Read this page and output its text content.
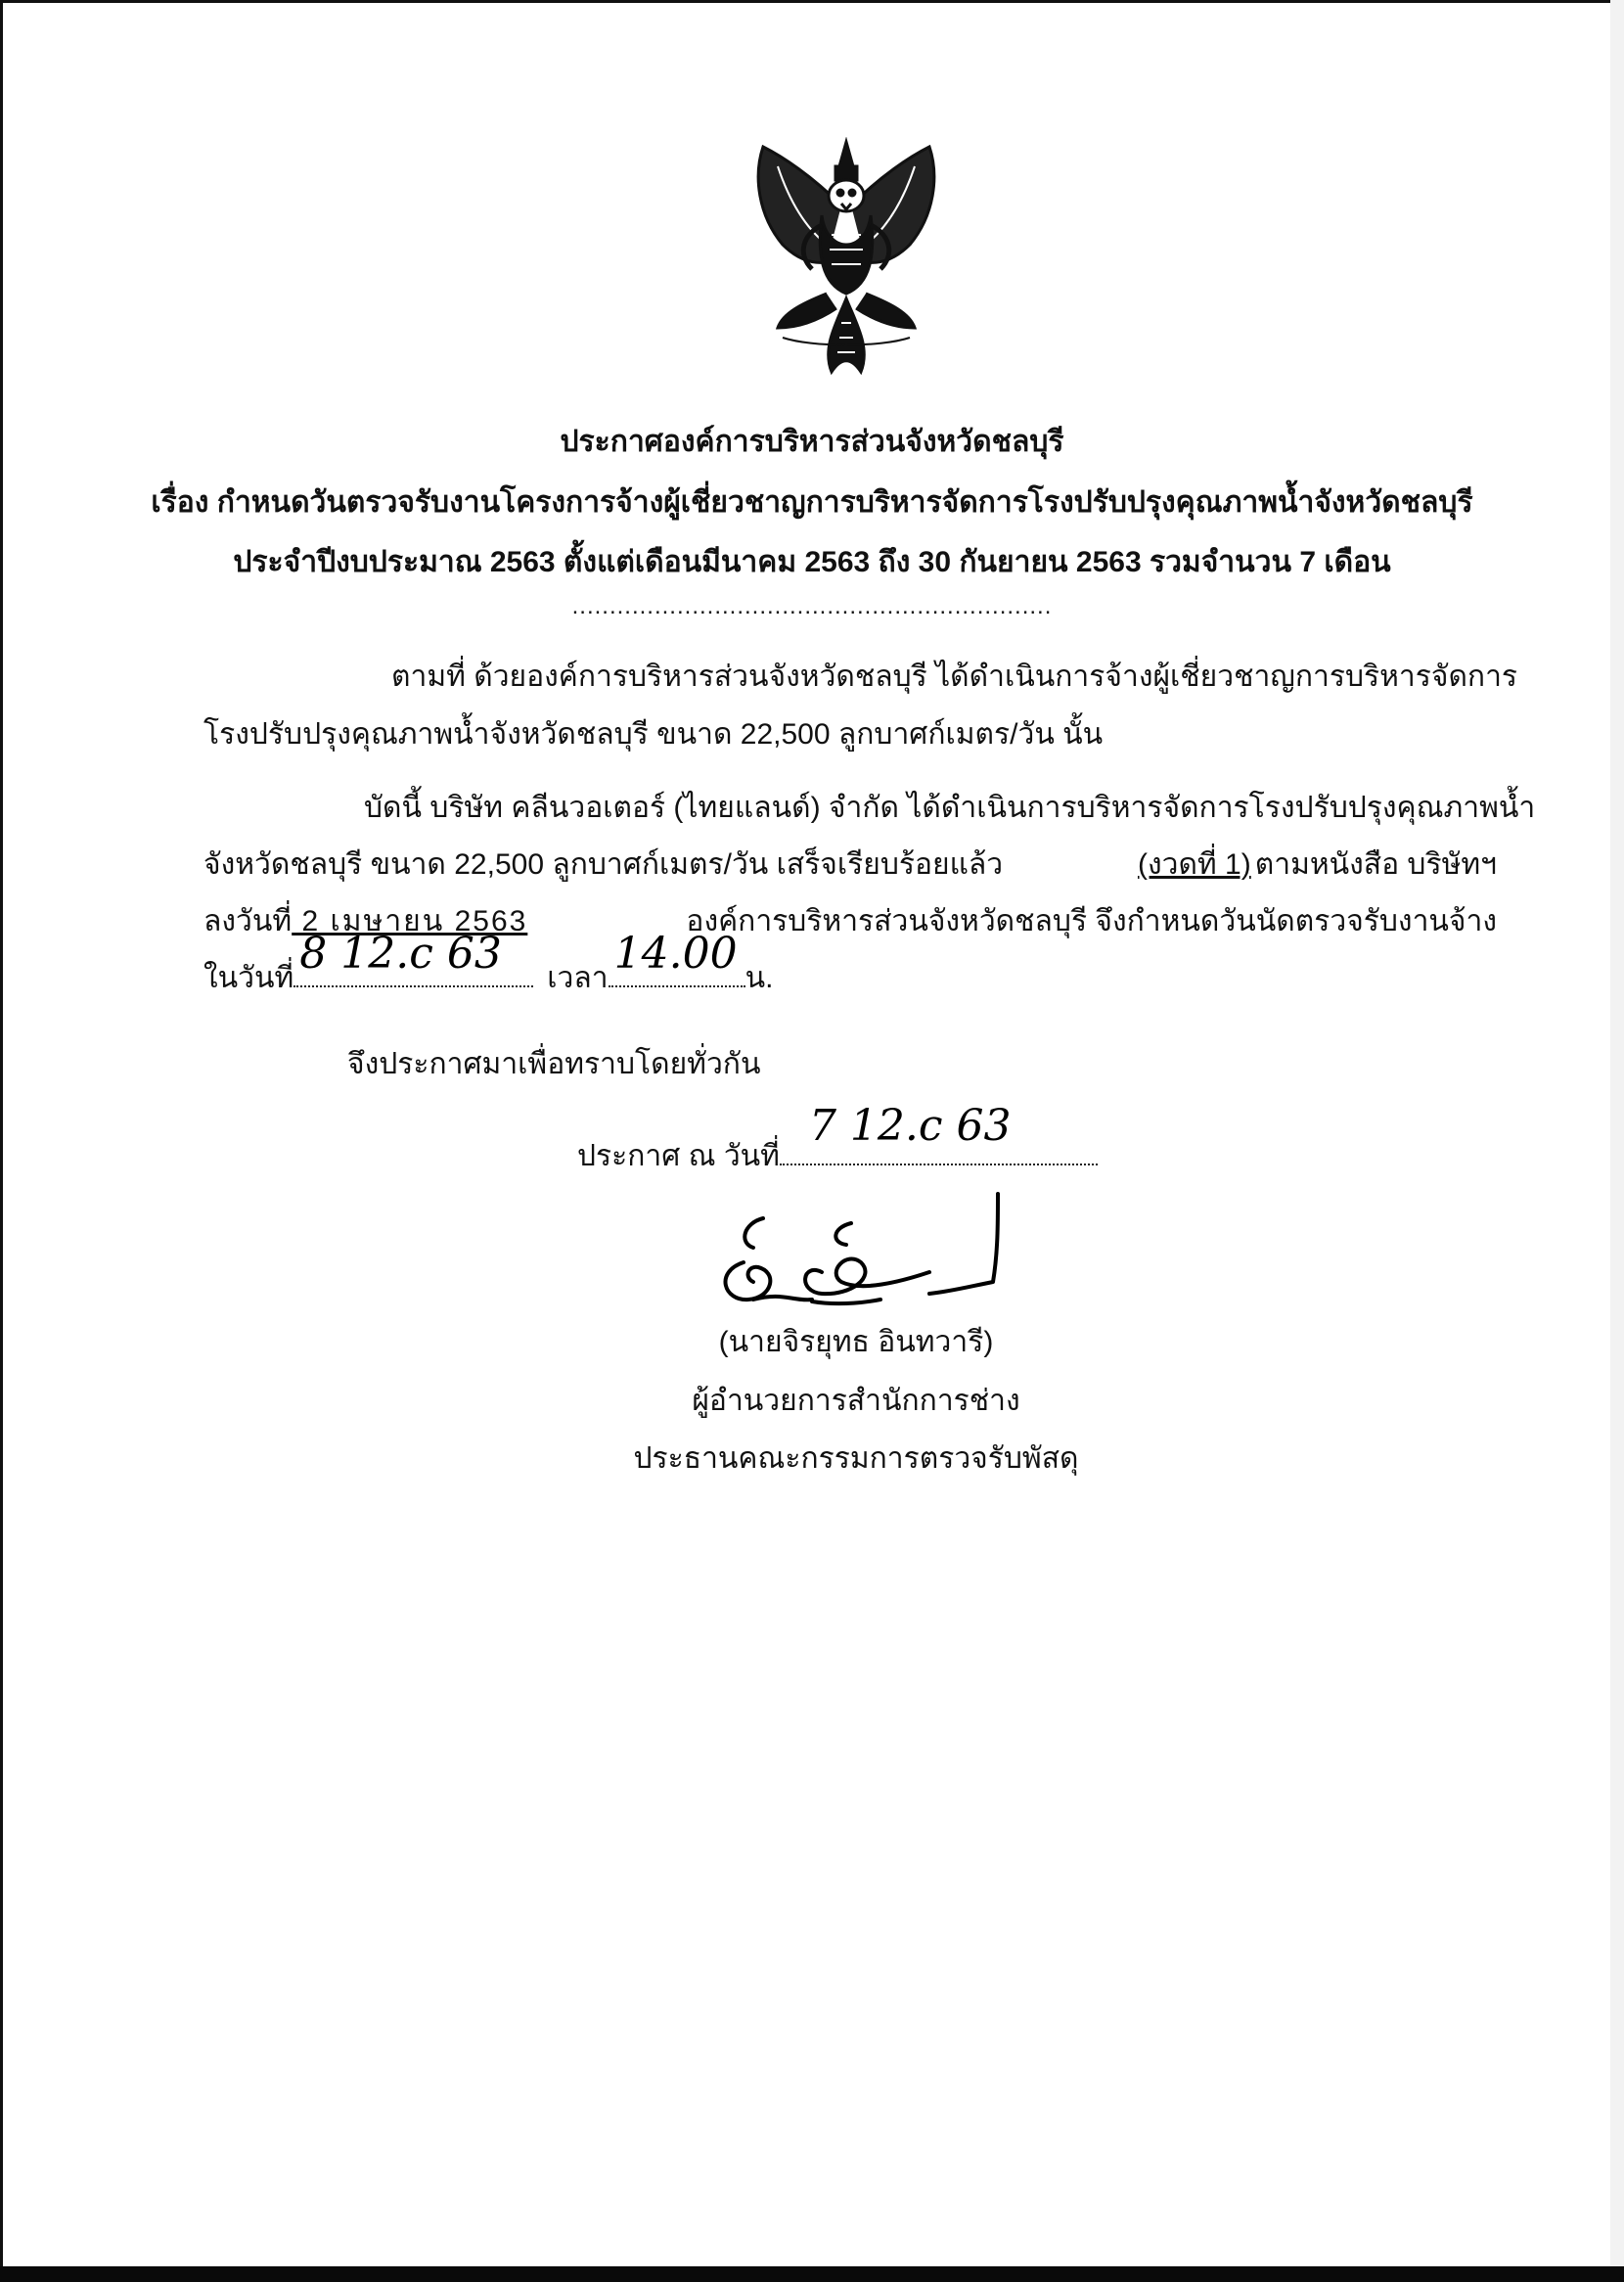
ประกาศองค์การบริหารส่วนจังหวัดชลบุรี
เรื่อง กำหนดวันตรวจรับงานโครงการจ้างผู้เชี่ยวชาญการบริหารจัดการโรงปรับปรุงคุณภาพน้ำจังหวัดชลบุรี
ประจำปีงบประมาณ 2563 ตั้งแต่เดือนมีนาคม 2563 ถึง 30 กันยายน 2563 รวมจำนวน 7 เดือน
................................................................
ตามที่ ด้วยองค์การบริหารส่วนจังหวัดชลบุรี ได้ดำเนินการจ้างผู้เชี่ยวชาญการบริหารจัดการ
โรงปรับปรุงคุณภาพน้ำจังหวัดชลบุรี ขนาด 22,500 ลูกบาศก์เมตร/วัน นั้น
บัดนี้ บริษัท คลีนวอเตอร์ (ไทยแลนด์) จำกัด ได้ดำเนินการบริหารจัดการโรงปรับปรุงคุณภาพน้ำ
จังหวัดชลบุรี ขนาด 22,500 ลูกบาศก์เมตร/วัน เสร็จเรียบร้อยแล้ว	(งวดที่ 1) ตามหนังสือ บริษัทฯ
ลงวันที่ 2 เมษายน 2563	องค์การบริหารส่วนจังหวัดชลบุรี จึงกำหนดวันนัดตรวจรับงานจ้าง
ในวันที่ 8 12.c 63 เวลา 14.00 น.
จึงประกาศมาเพื่อทราบโดยทั่วกัน
ประกาศ ณ วันที่
7 12.c 63
(นายจิรยุทธ อินทวารี)
ผู้อำนวยการสำนักการช่าง
ประธานคณะกรรมการตรวจรับพัสดุ
